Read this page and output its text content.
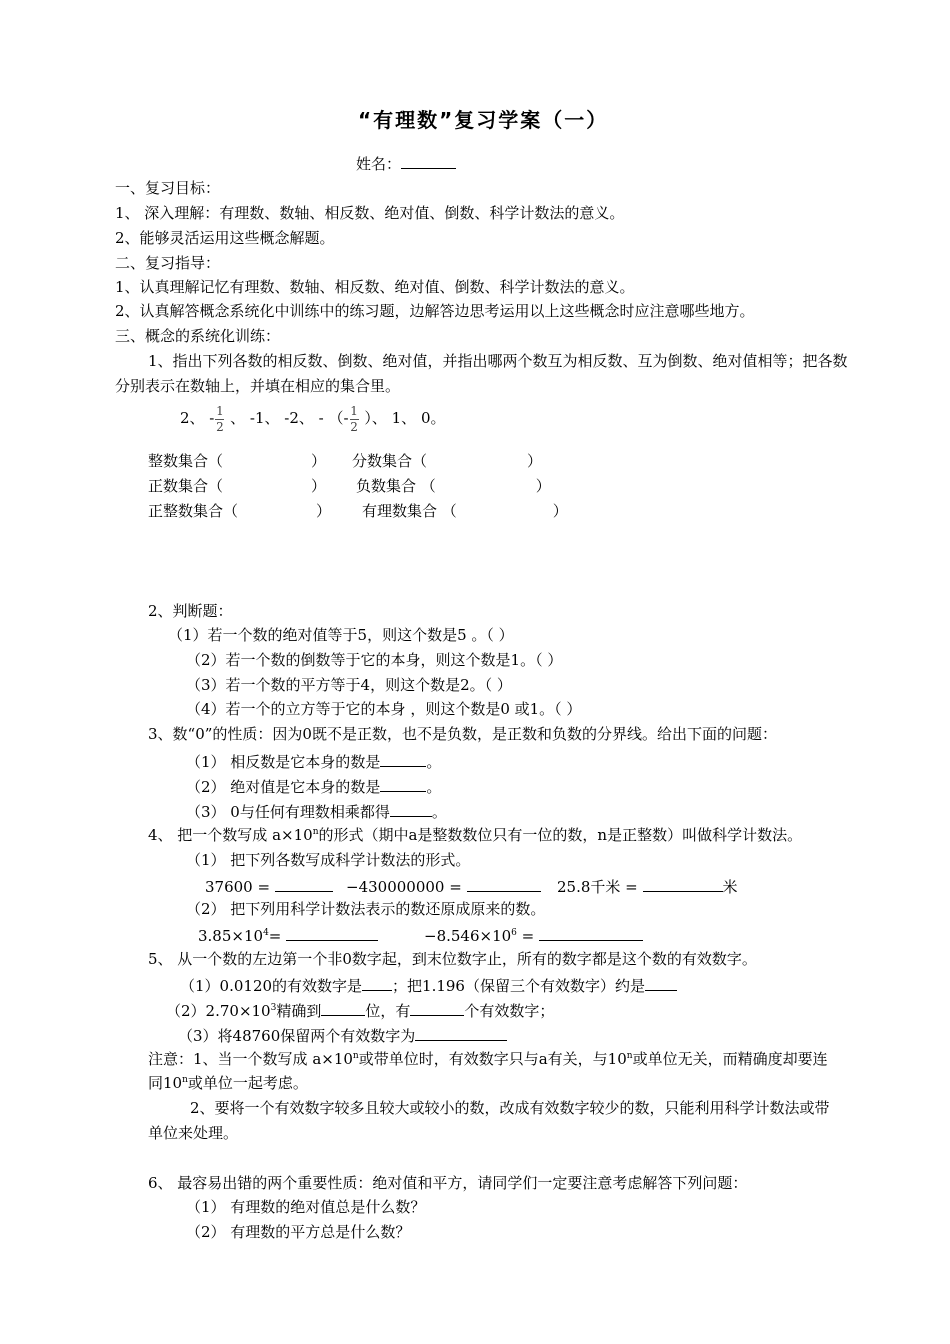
“有理数”复习学案（一）
姓名：
一、复习目标：
1、 深入理解：有理数、数轴、相反数、绝对值、倒数、科学计数法的意义。
2、能够灵活运用这些概念解题。
二、复习指导：
1、认真理解记忆有理数、数轴、相反数、绝对值、倒数、科学计数法的意义。
2、认真解答概念系统化中训练中的练习题，边解答边思考运用以上这些概念时应注意哪些地方。
三、概念的系统化训练：
1、指出下列各数的相反数、倒数、绝对值，并指出哪两个数互为相反数、互为倒数、绝对值相等；把各数
分别表示在数轴上，并填在相应的集合里。
2、 - $\frac{1}{2}$ 、 -1、 -2、 - （- $\frac{1}{2}$ ）、 1、 0。
整数集合（	） 分数集合（	）
正数集合（	） 负数集合 （	）
正整数集合（	） 有理数集合 （	）
2、判断题：
（1）若一个数的绝对值等于5，则这个数是5 。（ ）
（2）若一个数的倒数等于它的本身，则这个数是1。（ ）
（3）若一个数的平方等于4，则这个数是2。（ ）
（4）若一个的立方等于它的本身 ，则这个数是0 或1。（ ）
3、数“0”的性质：因为0既不是正数，也不是负数，是正数和负数的分界线。给出下面的问题：
（1） 相反数是它本身的数是	。
（2） 绝对值是它本身的数是	。
（3） 0与任何有理数相乘都得	。
4、 把一个数写成 $a\times 10^n$的形式（期中a是整数数位只有一位的数，n是正整数）叫做科学计数法。
（1） 把下列各数写成科学计数法的形式。
37600 =	−430000000 =	25.8千米 =	米
（2） 把下列用科学计数法表示的数还原成原来的数。
$3.85\times 10^4=$	$-8.546\times 10^6$ =
5、 从一个数的左边第一个非0数字起，到末位数字止，所有的数字都是这个数的有效数字。
（1）0.0120的有效数字是 ；把1.196（保留三个有效数字）约是
$(2)2.70\times 10^3$精确到	位，有	个有效数字；
（3）将48760保留两个有效数字为
注意：1、当一个数写成 $a\times 10^n$或带单位时，有效数字只与a有关，与10$^n$或单位无关，而精确度却要连
同10$^n$或单位一起考虑。
2、要将一个有效数字较多且较大或较小的数，改成有效数字较少的数，只能利用科学计数法或带
单位来处理。
6、 最容易出错的两个重要性质：绝对值和平方，请同学们一定要注意考虑解答下列问题：
（1） 有理数的绝对值总是什么数？
（2） 有理数的平方总是什么数？
